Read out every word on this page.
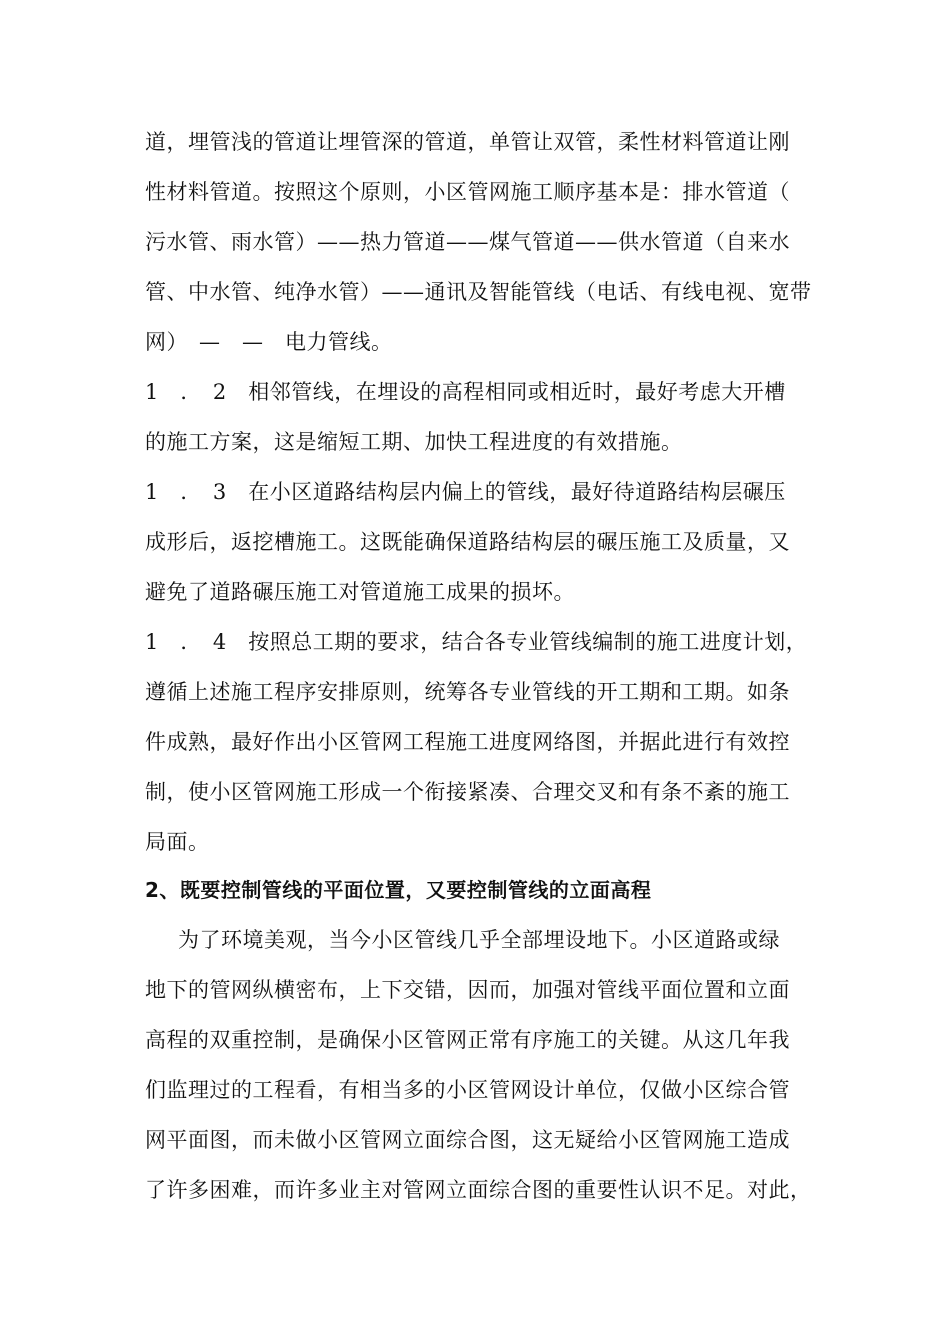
道，埋管浅的管道让埋管深的管道，单管让双管，柔性材料管道让刚
性材料管道。按照这个原则，小区管网施工顺序基本是：排水管道（
污水管、雨水管）——热力管道——煤气管道——供水管道（自来水
管、中水管、纯净水管）——通讯及智能管线（电话、有线电视、宽带
网）　—　—　电力管线。
1　．　2　相邻管线，在埋设的高程相同或相近时，最好考虑大开槽
的施工方案，这是缩短工期、加快工程进度的有效措施。
1　．　3　在小区道路结构层内偏上的管线，最好待道路结构层碾压
成形后，返挖槽施工。这既能确保道路结构层的碾压施工及质量，又
避免了道路碾压施工对管道施工成果的损坏。
1　．　4　按照总工期的要求，结合各专业管线编制的施工进度计划，
遵循上述施工程序安排原则，统筹各专业管线的开工期和工期。如条
件成熟，最好作出小区管网工程施工进度网络图，并据此进行有效控
制，使小区管网施工形成一个衔接紧凑、合理交叉和有条不紊的施工
局面。
2、既要控制管线的平面位置，又要控制管线的立面高程
为了环境美观，当今小区管线几乎全部埋设地下。小区道路或绿
地下的管网纵横密布，上下交错，因而，加强对管线平面位置和立面
高程的双重控制，是确保小区管网正常有序施工的关键。从这几年我
们监理过的工程看，有相当多的小区管网设计单位，仅做小区综合管
网平面图，而未做小区管网立面综合图，这无疑给小区管网施工造成
了许多困难，而许多业主对管网立面综合图的重要性认识不足。对此，
